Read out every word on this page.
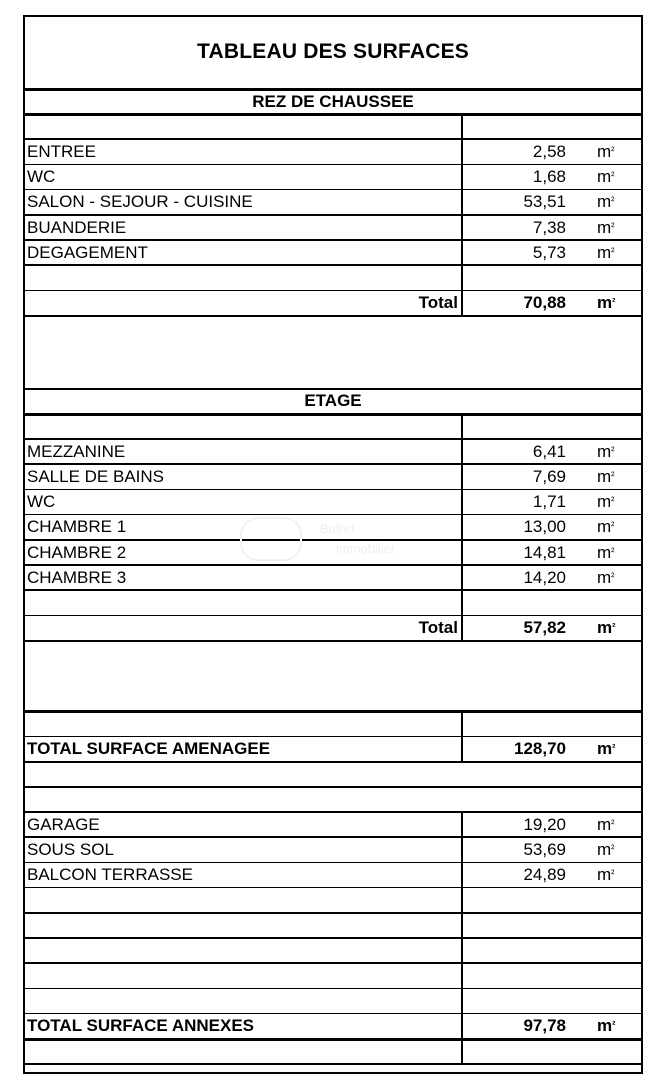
TABLEAU DES SURFACES
REZ DE CHAUSSEE
ENTREE	2,58 m ²
WC	1,68 m ²
SALON - SEJOUR - CUISINE	53,51 m ²
BUANDERIE	7,38 m ²
DEGAGEMENT	5,73 m ²
Total	70,88 m ²
ETAGE
MEZZANINE	6,41 m ²
SALLE DE BAINS	7,69 m ²
WC	1,71 m ²
CHAMBRE 1	13,00 m ²
CHAMBRE 2	14,81 m ²
CHAMBRE 3	14,20 m ²
Total	57,82 m ²
TOTAL SURFACE AMENAGEE	128,70 m ²
GARAGE	19,20 m ²
SOUS SOL	53,69 m ²
BALCON TERRASSE	24,89 m ²
TOTAL SURFACE ANNEXES	97,78 m ²
Bufret
immobilier
